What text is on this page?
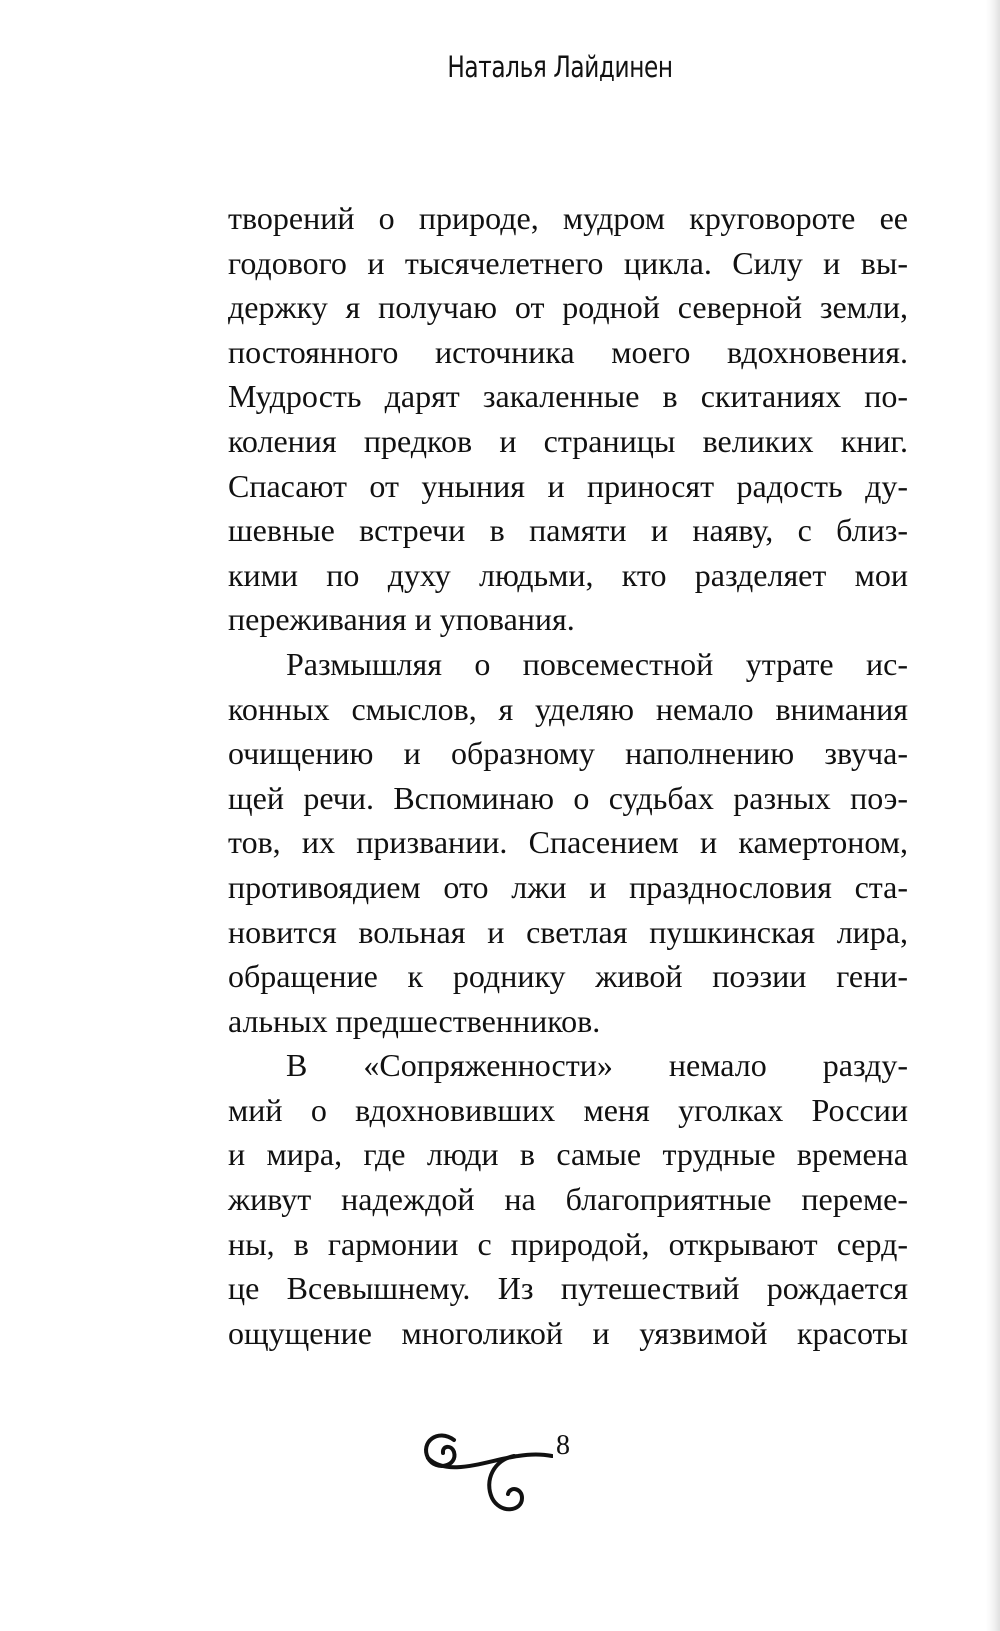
Наталья Лайдинен
творений о природе, мудром круговороте ее
годового и тысячелетнего цикла. Силу и вы-
держку я получаю от родной северной земли,
постоянного источника моего вдохновения.
Мудрость дарят закаленные в скитаниях по-
коления предков и страницы великих книг.
Спасают от уныния и приносят радость ду-
шевные встречи в памяти и наяву, с близ-
кими по духу людьми, кто разделяет мои
переживания и упования.
Размышляя о повсеместной утрате ис-
конных смыслов, я уделяю немало внимания
очищению и образному наполнению звуча-
щей речи. Вспоминаю о судьбах разных поэ-
тов, их призвании. Спасением и камертоном,
противоядием ото лжи и празднословия ста-
новится вольная и светлая пушкинская лира,
обращение к роднику живой поэзии гени-
альных предшественников.
В «Сопряженности» немало разду-
мий о вдохновивших меня уголках России
и мира, где люди в самые трудные времена
живут надеждой на благоприятные переме-
ны, в гармонии с природой, открывают серд-
це Всевышнему. Из путешествий рождается
ощущение многоликой и уязвимой красоты
8
